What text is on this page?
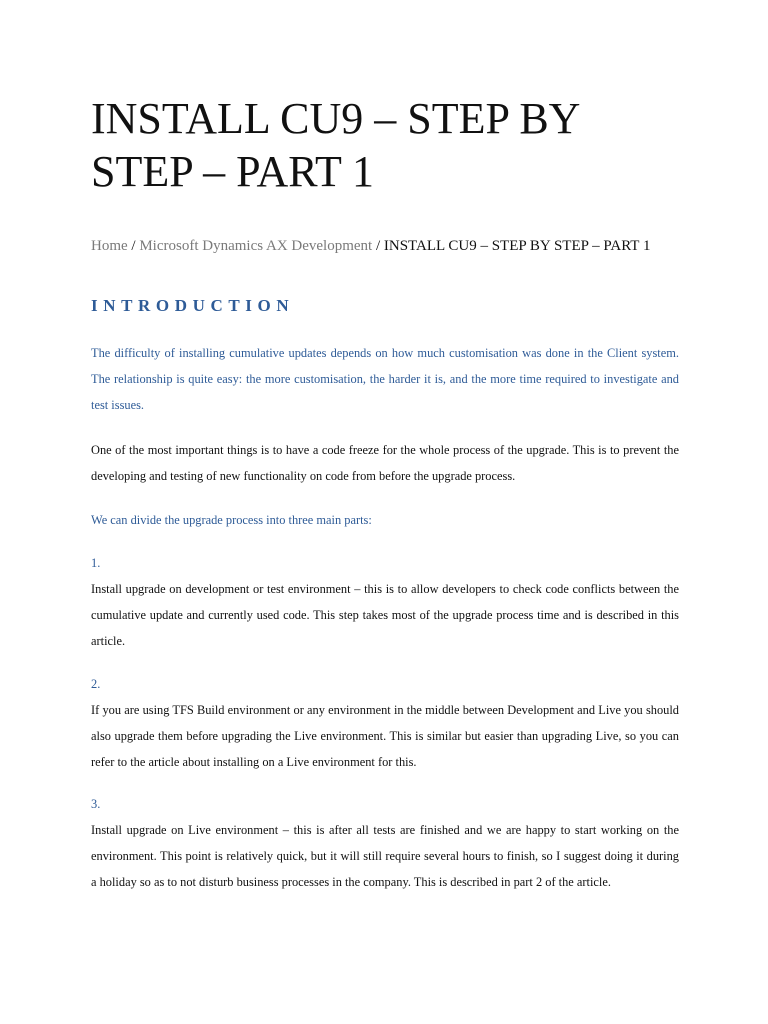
INSTALL CU9 – STEP BY STEP – PART 1
Home / Microsoft Dynamics AX Development / INSTALL CU9 – STEP BY STEP – PART 1
INTRODUCTION

The difficulty of installing cumulative updates depends on how much customisation was done in the Client system. The relationship is quite easy: the more customisation, the harder it is, and the more time required to investigate and test issues.

One of the most important things is to have a code freeze for the whole process of the upgrade. This is to prevent the developing and testing of new functionality on code from before the upgrade process.

We can divide the upgrade process into three main parts:

1.

Install upgrade on development or test environment – this is to allow developers to check code conflicts between the cumulative update and currently used code. This step takes most of the upgrade process time and is described in this article.

2.

If you are using TFS Build environment or any environment in the middle between Development and Live you should also upgrade them before upgrading the Live environment. This is similar but easier than upgrading Live, so you can refer to the article about installing on a Live environment for this.

3.

Install upgrade on Live environment – this is after all tests are finished and we are happy to start working on the environment. This point is relatively quick, but it will still require several hours to finish, so I suggest doing it during a holiday so as to not disturb business processes in the company. This is described in part 2 of the article.
